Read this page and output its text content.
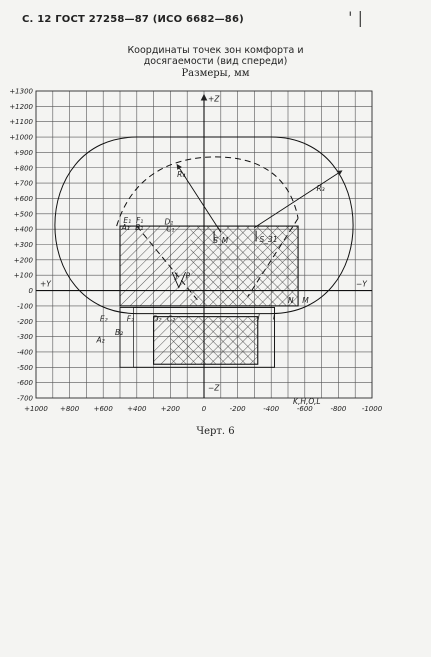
С. 12 ГОСТ 27258—87 (ИСО 6682—86)	' |
Координаты точек зон комфорта и
досягаемости (вид спереди)
Размеры, мм
+1300
+1200
+1100
+1000
+900
+800
+700
+600
+500
+400
+300
+200
+100
0
-100
-200
-300
-400
-500
-600
-700
+1000 +800 +600 +400 +200	0	-200	-400	-600	-800 -1000
+Z
−Z
+Y	−Y
E₁ F₁	D₁
A₁ B₁	C₁
S_M	S_31
J P
N M
J I
E₂	F₂ D₂ C₂
B₂
A₂
K,H,O,L
R₄
R₃
Черт. 6
